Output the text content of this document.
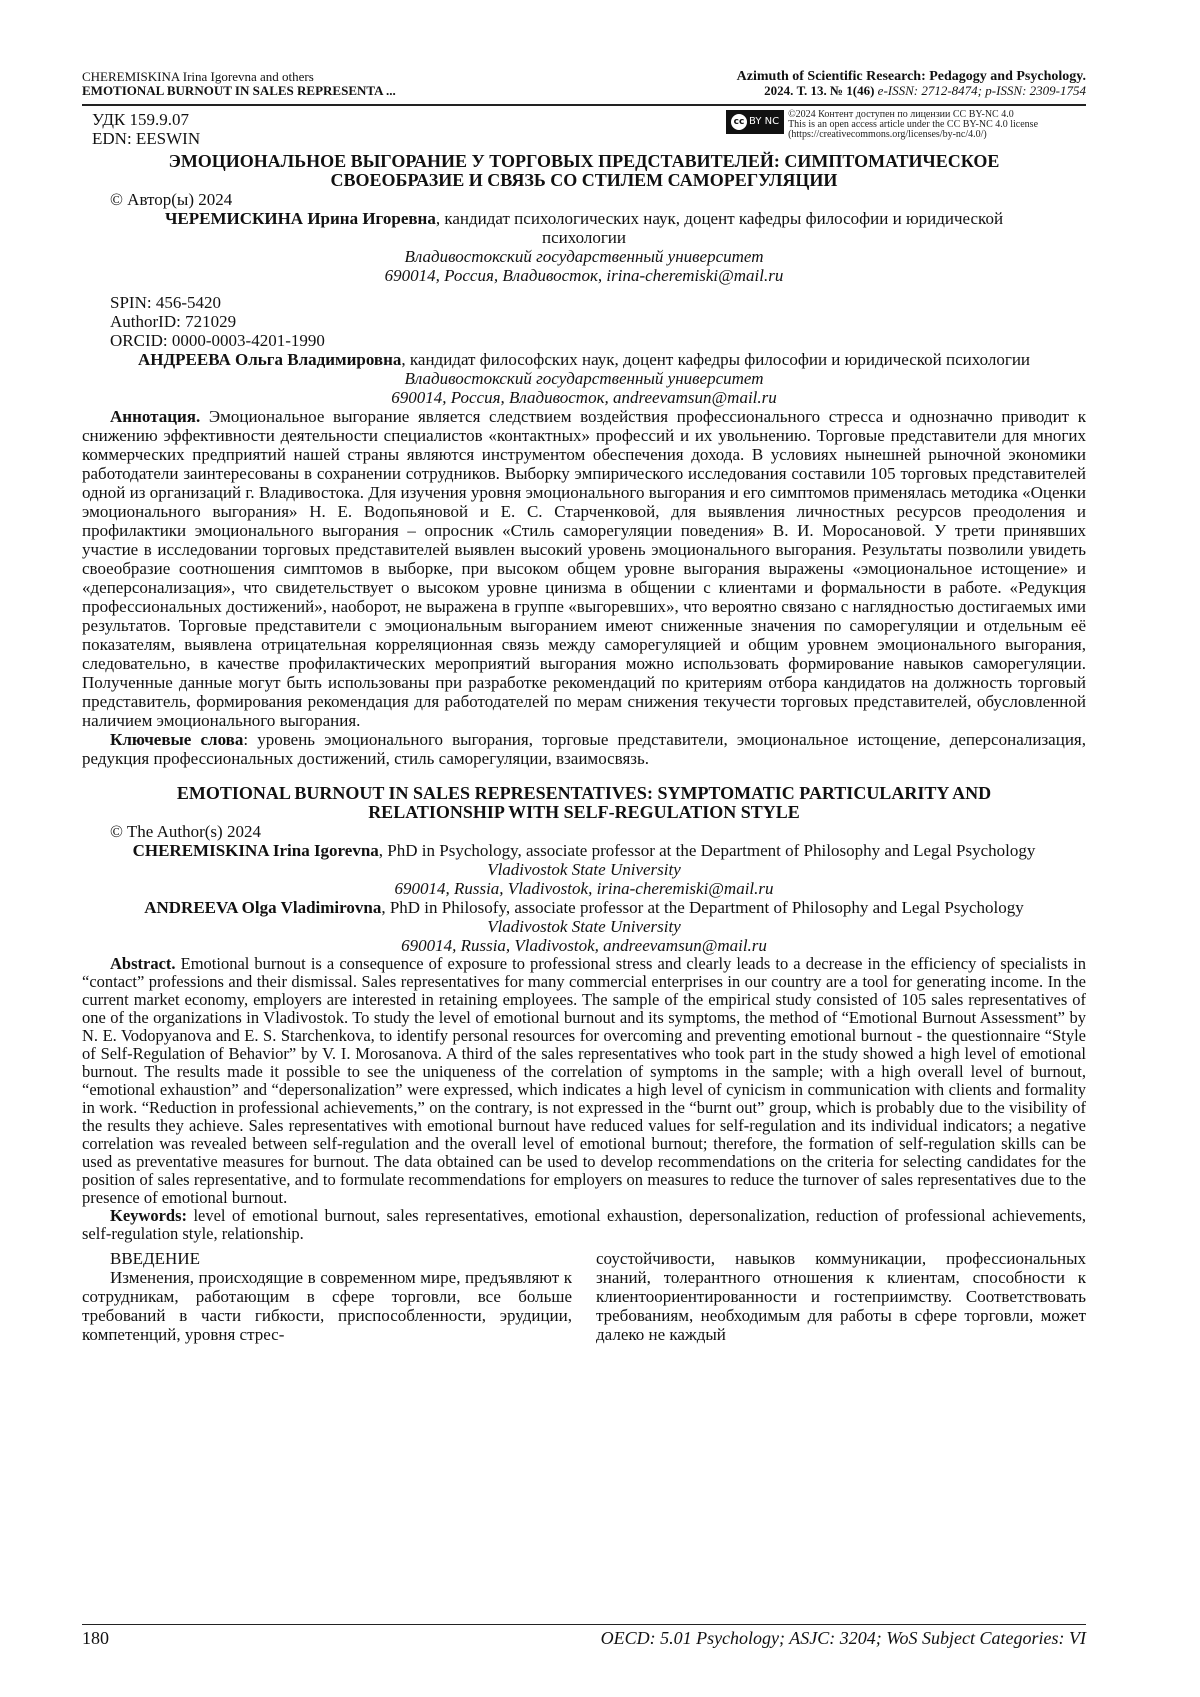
CHEREMISKINA Irina Igorevna and others
EMOTIONAL BURNOUT IN SALES REPRESENTA ...
Azimuth of Scientific Research: Pedagogy and Psychology.
2024. Т. 13. № 1(46) e-ISSN: 2712-8474; p-ISSN: 2309-1754
УДК 159.9.07
EDN: EESWIN
cc BY NC
©2024 Контент доступен по лицензии CC BY-NC 4.0
This is an open access article under the CC BY-NC 4.0 license
(https://creativecommons.org/licenses/by-nc/4.0/)
ЭМОЦИОНАЛЬНОЕ ВЫГОРАНИЕ У ТОРГОВЫХ ПРЕДСТАВИТЕЛЕЙ: СИМПТОМАТИЧЕСКОЕ СВОЕОБРАЗИЕ И СВЯЗЬ СО СТИЛЕМ САМОРЕГУЛЯЦИИ
© Автор(ы) 2024
ЧЕРЕМИСКИНА Ирина Игоревна, кандидат психологических наук, доцент кафедры философии и юридической психологии
Владивостокский государственный университет
690014, Россия, Владивосток, irina-cheremiski@mail.ru
SPIN: 456-5420
AuthorID: 721029
ORCID: 0000-0003-4201-1990
АНДРЕЕВА Ольга Владимировна, кандидат философских наук, доцент кафедры философии и юридической психологии
Владивостокский государственный университет
690014, Россия, Владивосток, andreevamsun@mail.ru

Аннотация. Эмоциональное выгорание является следствием воздействия профессионального стресса и однозначно приводит к снижению эффективности деятельности специалистов «контактных» профессий и их увольнению. Торговые представители для многих коммерческих предприятий нашей страны являются инструментом обеспечения дохода. В условиях нынешней рыночной экономики работодатели заинтересованы в сохранении сотрудников. Выборку эмпирического исследования составили 105 торговых представителей одной из организаций г. Владивостока. Для изучения уровня эмоционального выгорания и его симптомов применялась методика «Оценки эмоционального выгорания» Н. Е. Водопьяновой и Е. С. Старченковой, для выявления личностных ресурсов преодоления и профилактики эмоционального выгорания – опросник «Стиль саморегуляции поведения» В. И. Моросановой. У трети принявших участие в исследовании торговых представителей выявлен высокий уровень эмоционального выгорания. Результаты позволили увидеть своеобразие соотношения симптомов в выборке, при высоком общем уровне выгорания выражены «эмоциональное истощение» и «деперсонализация», что свидетельствует о высоком уровне цинизма в общении с клиентами и формальности в работе. «Редукция профессиональных достижений», наоборот, не выражена в группе «выгоревших», что вероятно связано с наглядностью достигаемых ими результатов. Торговые представители с эмоциональным выгоранием имеют сниженные значения по саморегуляции и отдельным её показателям, выявлена отрицательная корреляционная связь между саморегуляцией и общим уровнем эмоционального выгорания, следовательно, в качестве профилактических мероприятий выгорания можно использовать формирование навыков саморегуляции. Полученные данные могут быть использованы при разработке рекомендаций по критериям отбора кандидатов на должность торговый представитель, формирования рекомендация для работодателей по мерам снижения текучести торговых представителей, обусловленной наличием эмоционального выгорания.

Ключевые слова: уровень эмоционального выгорания, торговые представители, эмоциональное истощение, деперсонализация, редукция профессиональных достижений, стиль саморегуляции, взаимосвязь.

EMOTIONAL BURNOUT IN SALES REPRESENTATIVES: SYMPTOMATIC PARTICULARITY AND RELATIONSHIP WITH SELF-REGULATION STYLE
© The Author(s) 2024
CHEREMISKINA Irina Igorevna, PhD in Psychology, associate professor at the Department of Philosophy and Legal Psychology
Vladivostok State University
690014, Russia, Vladivostok, irina-cheremiski@mail.ru
ANDREEVA Olga Vladimirovna, PhD in Philosofy, associate professor at the Department of Philosophy and Legal Psychology
Vladivostok State University
690014, Russia, Vladivostok, andreevamsun@mail.ru

Abstract. Emotional burnout is a consequence of exposure to professional stress and clearly leads to a decrease in the efficiency of specialists in “contact” professions and their dismissal. Sales representatives for many commercial enterprises in our country are a tool for generating income. In the current market economy, employers are interested in retaining employees. The sample of the empirical study consisted of 105 sales representatives of one of the organizations in Vladivostok. To study the level of emotional burnout and its symptoms, the method of “Emotional Burnout Assessment” by N. E. Vodopyanova and E. S. Starchenkova, to identify personal resources for overcoming and preventing emotional burnout - the questionnaire “Style of Self-Regulation of Behavior” by V. I. Morosanova. A third of the sales representatives who took part in the study showed a high level of emotional burnout. The results made it possible to see the uniqueness of the correlation of symptoms in the sample; with a high overall level of burnout, “emotional exhaustion” and “depersonalization” were expressed, which indicates a high level of cynicism in communication with clients and formality in work. “Reduction in professional achievements,” on the contrary, is not expressed in the “burnt out” group, which is probably due to the visibility of the results they achieve. Sales representatives with emotional burnout have reduced values for self-regulation and its individual indicators; a negative correlation was revealed between self-regulation and the overall level of emotional burnout; therefore, the formation of self-regulation skills can be used as preventative measures for burnout. The data obtained can be used to develop recommendations on the criteria for selecting candidates for the position of sales representative, and to formulate recommendations for employers on measures to reduce the turnover of sales representatives due to the presence of emotional burnout.

Keywords: level of emotional burnout, sales representatives, emotional exhaustion, depersonalization, reduction of professional achievements, self-regulation style, relationship.

ВВЕДЕНИЕ
Изменения, происходящие в современном мире, предъявляют к сотрудникам, работающим в сфере торговли, все больше требований в части гибкости, приспособленности, эрудиции, компетенций, уровня стрес-
соустойчивости, навыков коммуникации, профессиональных знаний, толерантного отношения к клиентам, способности к клиентоориентированности и гостеприимству. Соответствовать требованиям, необходимым для работы в сфере торговли, может далеко не каждый
180	OECD: 5.01 Psychology; ASJC: 3204; WoS Subject Categories: VI
